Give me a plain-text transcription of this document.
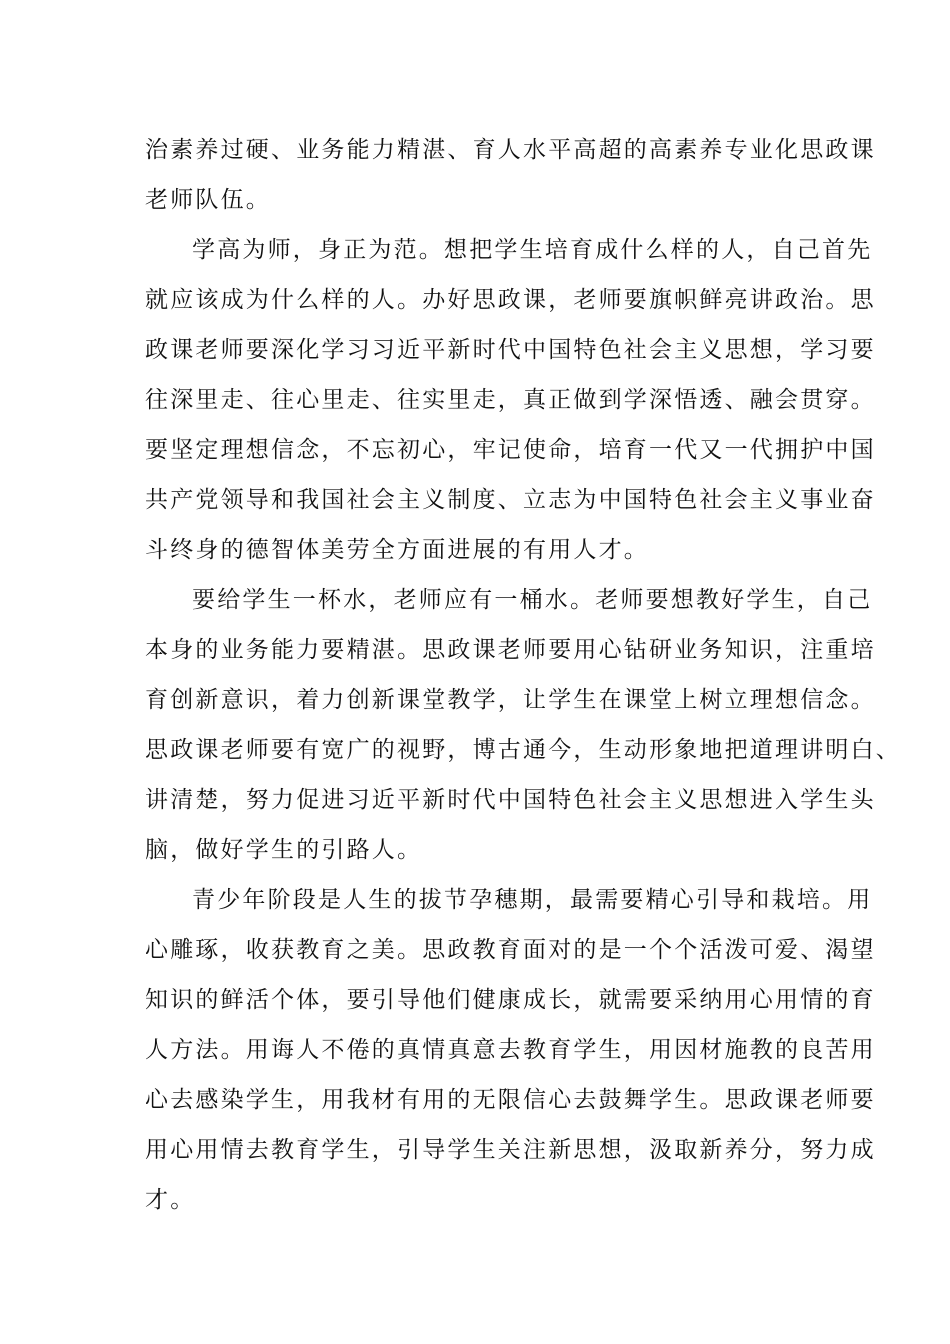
治素养过硬、业务能力精湛、育人水平高超的高素养专业化思政课
老师队伍。
学高为师，身正为范。想把学生培育成什么样的人，自己首先
就应该成为什么样的人。办好思政课，老师要旗帜鲜亮讲政治。思
政课老师要深化学习习近平新时代中国特色社会主义思想，学习要
往深里走、往心里走、往实里走，真正做到学深悟透、融会贯穿。
要坚定理想信念，不忘初心，牢记使命，培育一代又一代拥护中国
共产党领导和我国社会主义制度、立志为中国特色社会主义事业奋
斗终身的德智体美劳全方面进展的有用人才。
要给学生一杯水，老师应有一桶水。老师要想教好学生，自己
本身的业务能力要精湛。思政课老师要用心钻研业务知识，注重培
育创新意识，着力创新课堂教学，让学生在课堂上树立理想信念。
思政课老师要有宽广的视野，博古通今，生动形象地把道理讲明白、
讲清楚，努力促进习近平新时代中国特色社会主义思想进入学生头
脑，做好学生的引路人。
青少年阶段是人生的拔节孕穗期，最需要精心引导和栽培。用
心雕琢，收获教育之美。思政教育面对的是一个个活泼可爱、渴望
知识的鲜活个体，要引导他们健康成长，就需要采纳用心用情的育
人方法。用诲人不倦的真情真意去教育学生，用因材施教的良苦用
心去感染学生，用我材有用的无限信心去鼓舞学生。思政课老师要
用心用情去教育学生，引导学生关注新思想，汲取新养分，努力成
才。
